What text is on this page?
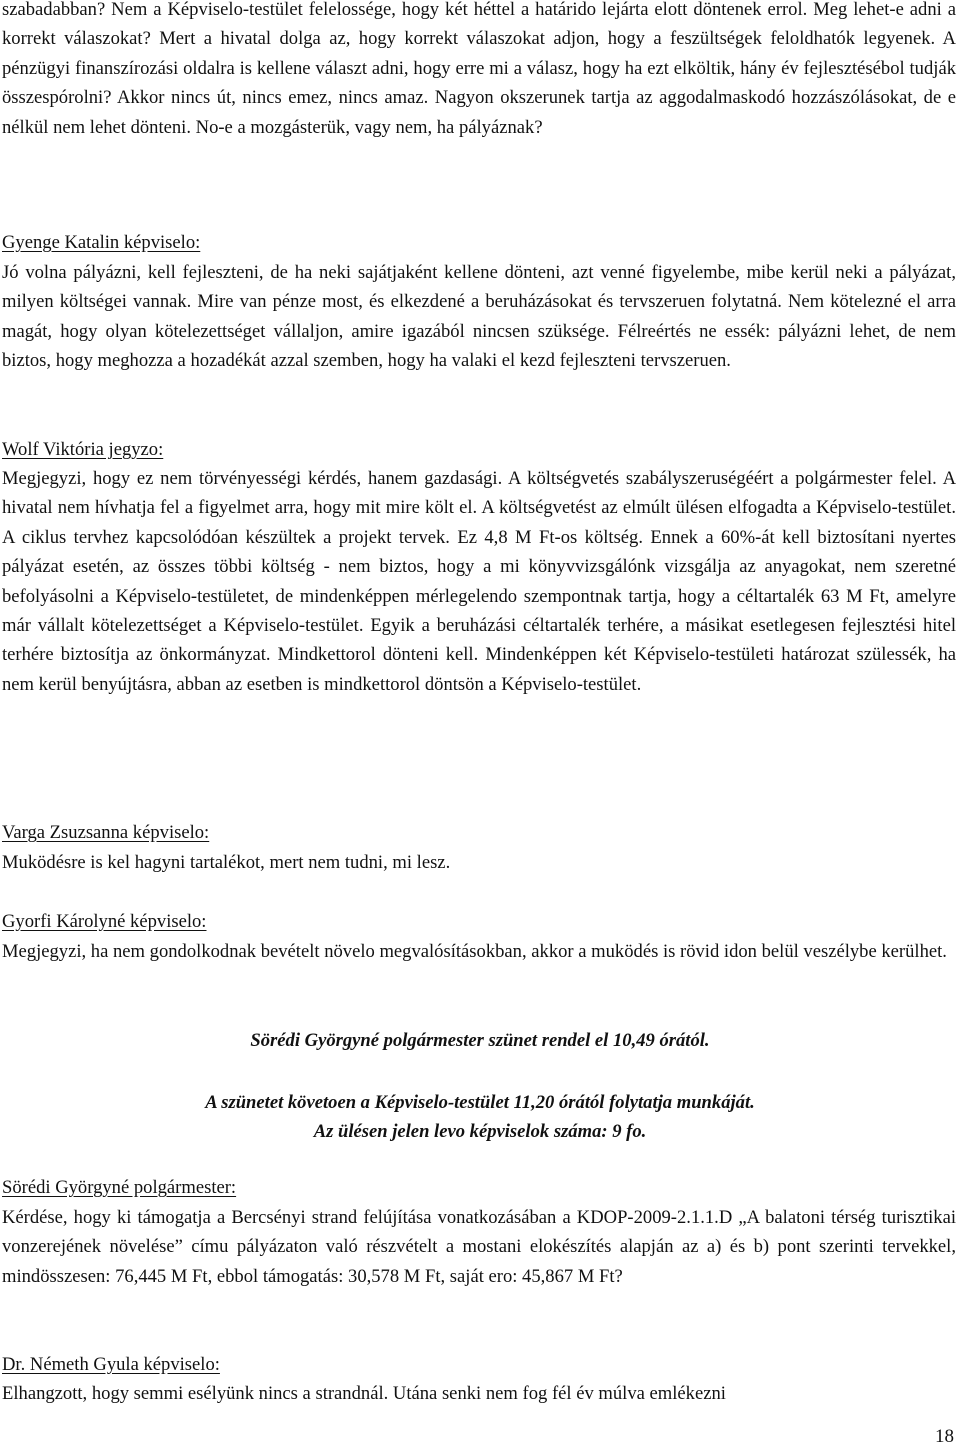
szabadabban? Nem a Képviselo-testület felelossége, hogy két héttel a határido lejárta elott döntenek errol. Meg lehet-e adni a korrekt válaszokat? Mert a hivatal dolga az, hogy korrekt válaszokat adjon, hogy a feszültségek feloldhatók legyenek. A pénzügyi finanszírozási oldalra is kellene választ adni, hogy erre mi a válasz, hogy ha ezt elköltik, hány év fejlesztésébol tudják összespórolni? Akkor nincs út, nincs emez, nincs amaz. Nagyon okszerunek tartja az aggodalmaskodó hozzászólásokat, de e nélkül nem lehet dönteni. No-e a mozgásterük, vagy nem, ha pályáznak?

Gyenge Katalin képviselo:

Jó volna pályázni, kell fejleszteni, de ha neki sajátjaként kellene dönteni, azt venné figyelembe, mibe kerül neki a pályázat, milyen költségei vannak. Mire van pénze most, és elkezdené a beruházásokat és tervszeruen folytatná. Nem kötelezné el arra magát, hogy olyan kötelezettséget vállaljon, amire igazából nincsen szüksége. Félreértés ne essék: pályázni lehet, de nem biztos, hogy meghozza a hozadékát azzal szemben, hogy ha valaki el kezd fejleszteni tervszeruen.

Wolf Viktória jegyzo:

Megjegyzi, hogy ez nem törvényességi kérdés, hanem gazdasági. A költségvetés szabályszeruségéért a polgármester felel. A hivatal nem hívhatja fel a figyelmet arra, hogy mit mire költ el. A költségvetést az elmúlt ülésen elfogadta a Képviselo-testület. A ciklus tervhez kapcsolódóan készültek a projekt tervek. Ez 4,8 M Ft-os költség. Ennek a 60%-át kell biztosítani nyertes pályázat esetén, az összes többi költség - nem biztos, hogy a mi könyvvizsgálónk vizsgálja az anyagokat, nem szeretné befolyásolni a Képviselo-testületet, de mindenképpen mérlegelendo szempontnak tartja, hogy a céltartalék 63 M Ft, amelyre már vállalt kötelezettséget a Képviselo-testület. Egyik a beruházási céltartalék terhére, a másikat esetlegesen fejlesztési hitel terhére biztosítja az önkormányzat. Mindkettorol dönteni kell. Mindenképpen két Képviselo-testületi határozat szülessék, ha nem kerül benyújtásra, abban az esetben is mindkettorol döntsön a Képviselo-testület.

Varga Zsuzsanna képviselo:

Muködésre is kel hagyni tartalékot, mert nem tudni, mi lesz.

Gyorfi Károlyné képviselo:

Megjegyzi, ha nem gondolkodnak bevételt növelo megvalósításokban, akkor a muködés is rövid idon belül veszélybe kerülhet.

Sörédi Györgyné polgármester szünet rendel el 10,49 órától.

A szünetet követoen a Képviselo-testület 11,20 órától folytatja munkáját.

Az ülésen jelen levo képviselok száma: 9 fo.

Sörédi Györgyné polgármester:

Kérdése, hogy ki támogatja a Bercsényi strand felújítása vonatkozásában a KDOP-2009-2.1.1.D „A balatoni térség turisztikai vonzerejének növelése” címu pályázaton való részvételt a mostani elokészítés alapján az a) és b) pont szerinti tervekkel, mindösszesen: 76,445 M Ft, ebbol támogatás: 30,578 M Ft, saját ero: 45,867 M Ft?

Dr. Németh Gyula képviselo:

Elhangzott, hogy semmi esélyünk nincs a strandnál. Utána senki nem fog fél év múlva emlékezni

18
